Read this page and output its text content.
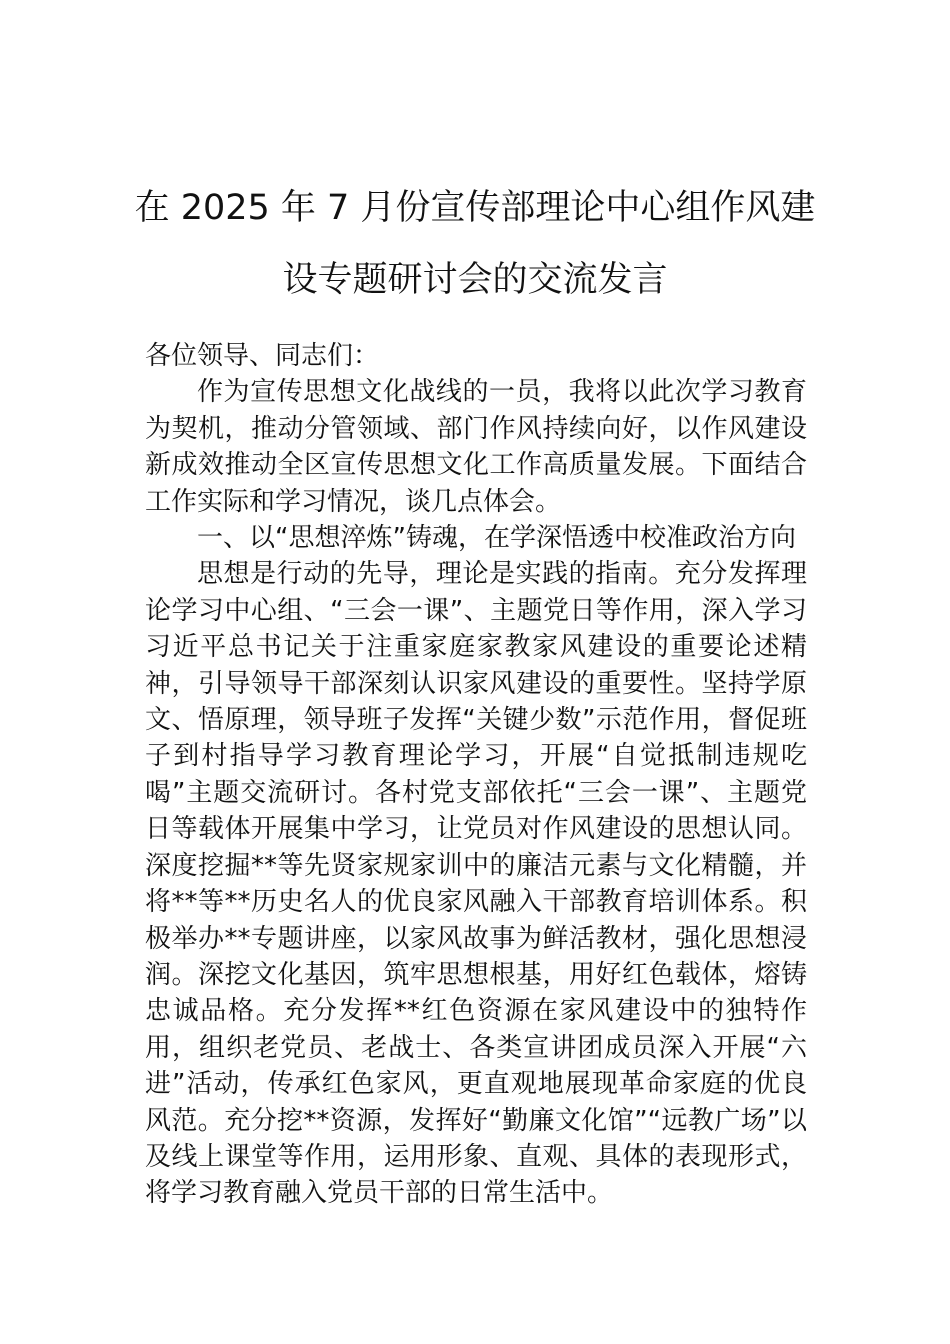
在 2025 年 7 月份宣传部理论中心组作风建
设专题研讨会的交流发言

各位领导、同志们：

作为宣传思想文化战线的一员，我将以此次学习教育为契机，推动分管领域、部门作风持续向好，以作风建设新成效推动全区宣传思想文化工作高质量发展。下面结合工作实际和学习情况，谈几点体会。

一、以“思想淬炼”铸魂，在学深悟透中校准政治方向

思想是行动的先导，理论是实践的指南。充分发挥理论学习中心组、“三会一课”、主题党日等作用，深入学习习近平总书记关于注重家庭家教家风建设的重要论述精神，引导领导干部深刻认识家风建设的重要性。坚持学原文、悟原理，领导班子发挥“关键少数”示范作用，督促班子到村指导学习教育理论学习，开展“自觉抵制违规吃喝”主题交流研讨。各村党支部依托“三会一课”、主题党日等载体开展集中学习，让党员对作风建设的思想认同。深度挖掘**等先贤家规家训中的廉洁元素与文化精髓，并将**等**历史名人的优良家风融入干部教育培训体系。积极举办**专题讲座，以家风故事为鲜活教材，强化思想浸润。深挖文化基因，筑牢思想根基，用好红色载体，熔铸忠诚品格。充分发挥**红色资源在家风建设中的独特作用，组织老党员、老战士、各类宣讲团成员深入开展“六进”活动，传承红色家风，更直观地展现革命家庭的优良风范。充分挖**资源，发挥好“勤廉文化馆”“远教广场”以及线上课堂等作用，运用形象、直观、具体的表现形式，将学习教育融入党员干部的日常生活中。
